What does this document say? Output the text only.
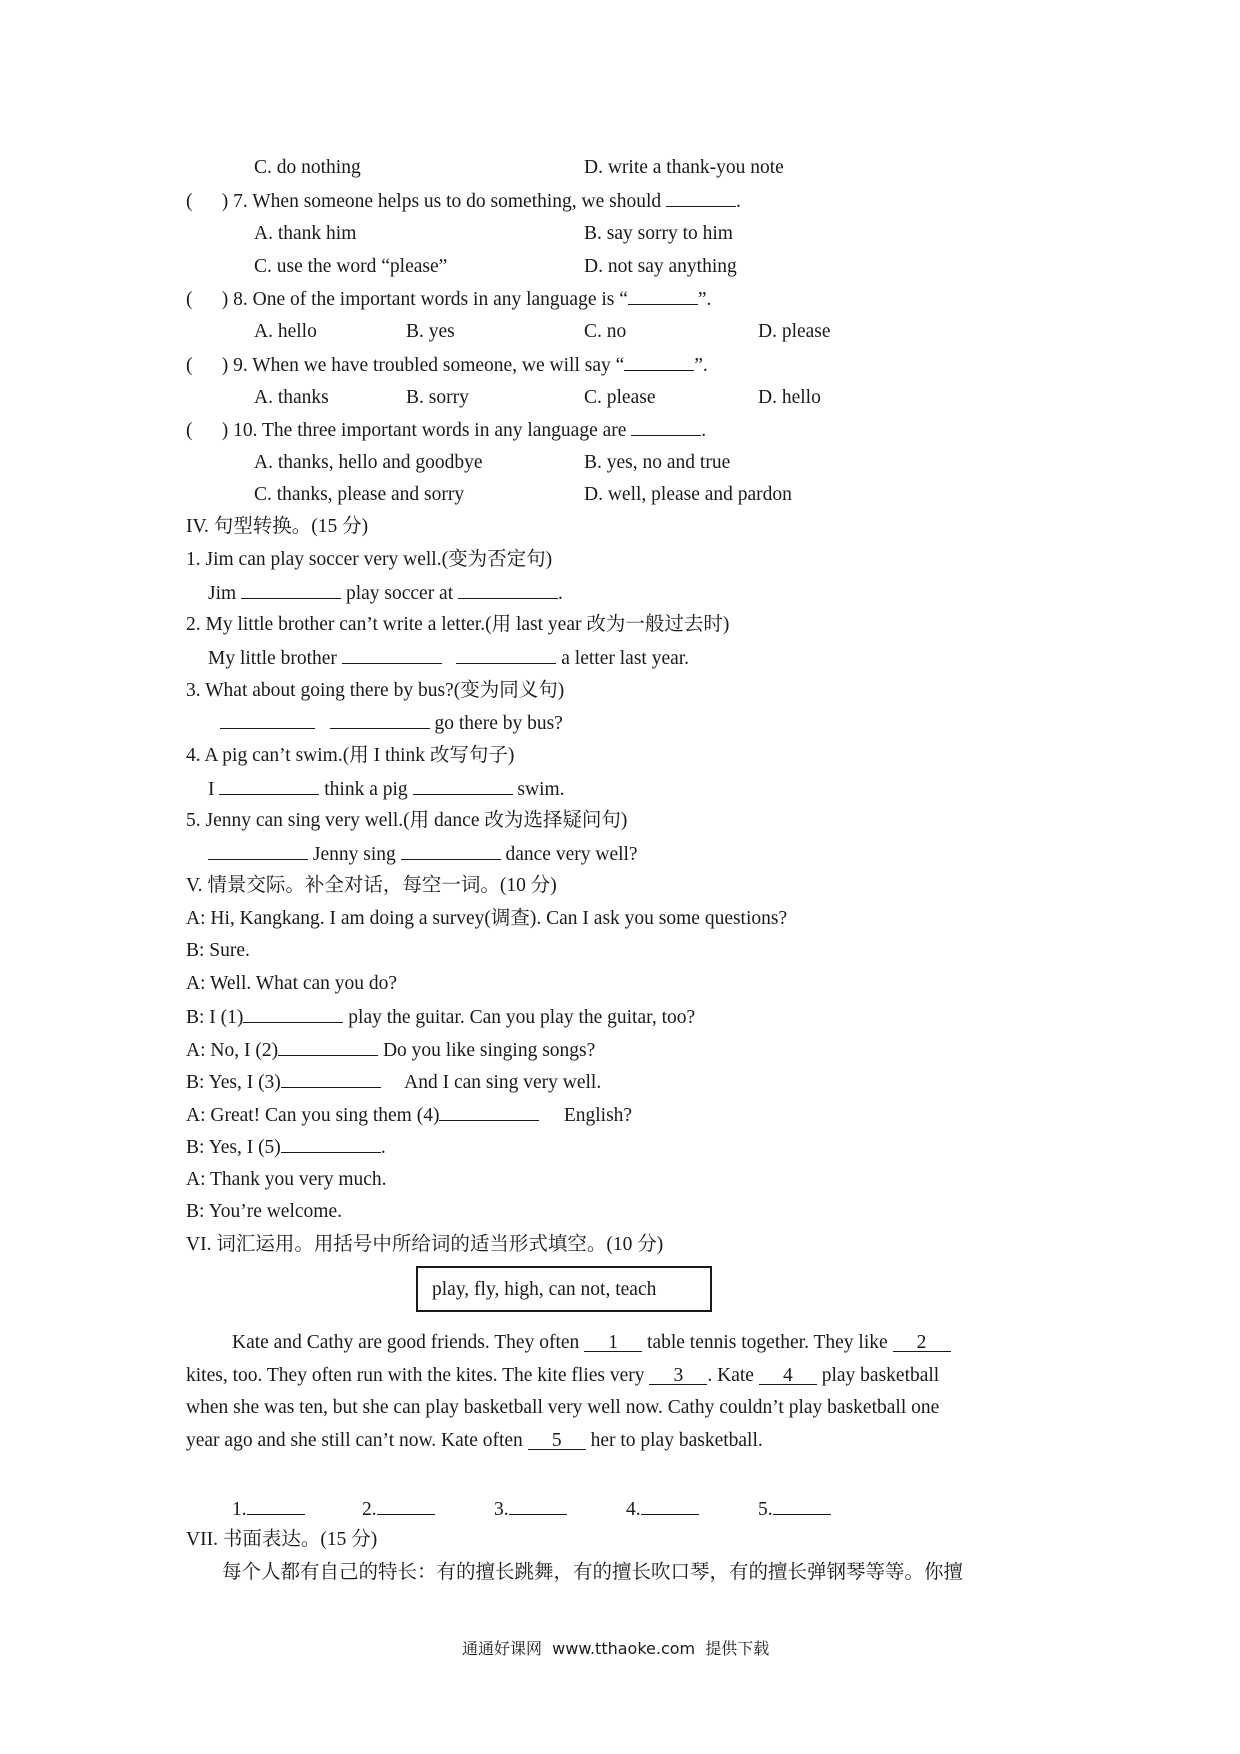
C. do nothing	D. write a thank-you note
(      ) 7. When someone helps us to do something, we should	.
A. thank him	B. say sorry to him
C. use the word “please”	D. not say anything
(      ) 8. One of the important words in any language is “	”.
A. hello	B. yes	C. no	D. please
(      ) 9. When we have troubled someone, we will say “	”.
A. thanks	B. sorry	C. please	D. hello
(      ) 10. The three important words in any language are	.
A. thanks, hello and goodbye	B. yes, no and true
C. thanks, please and sorry	D. well, please and pardon
IV. 句型转换。(15 分)
1. Jim can play soccer very well.(变为否定句)
Jim	play soccer at	.
2. My little brother can’t write a letter.(用 last year 改为一般过去时)
My little brother	a letter last year.
3. What about going there by bus?(变为同义句)
go there by bus?
4. A pig can’t swim.(用 I think 改写句子)
I	think a pig	swim.
5. Jenny can sing very well.(用 dance 改为选择疑问句)
Jenny sing	dance very well?
V. 情景交际。补全对话，每空一词。(10 分)
A: Hi, Kangkang. I am doing a survey(调查). Can I ask you some questions?
B: Sure.
A: Well. What can you do?
B: I (1)	play the guitar. Can you play the guitar, too?
A: No, I (2)	Do you like singing songs?
B: Yes, I (3)	And I can sing very well.
A: Great! Can you sing them (4)	English?
B: Yes, I (5)	.
A: Thank you very much.
B: You’re welcome.
VI. 词汇运用。用括号中所给词的适当形式填空。(10 分)
play, fly, high, can not, teach
Kate and Cathy are good friends. They often 1 table tennis together. They like 2
kites, too. They often run with the kites. The kite flies very 3 . Kate 4 play basketball
when she was ten, but she can play basketball very well now. Cathy couldn’t play basketball one
year ago and she still can’t now. Kate often 5 her to play basketball.
1.	2.	3.	4.	5.
VII. 书面表达。(15 分)
每个人都有自己的特长：有的擅长跳舞，有的擅长吹口琴，有的擅长弹钢琴等等。你擅
通通好课网  www.tthaoke.com  提供下载
